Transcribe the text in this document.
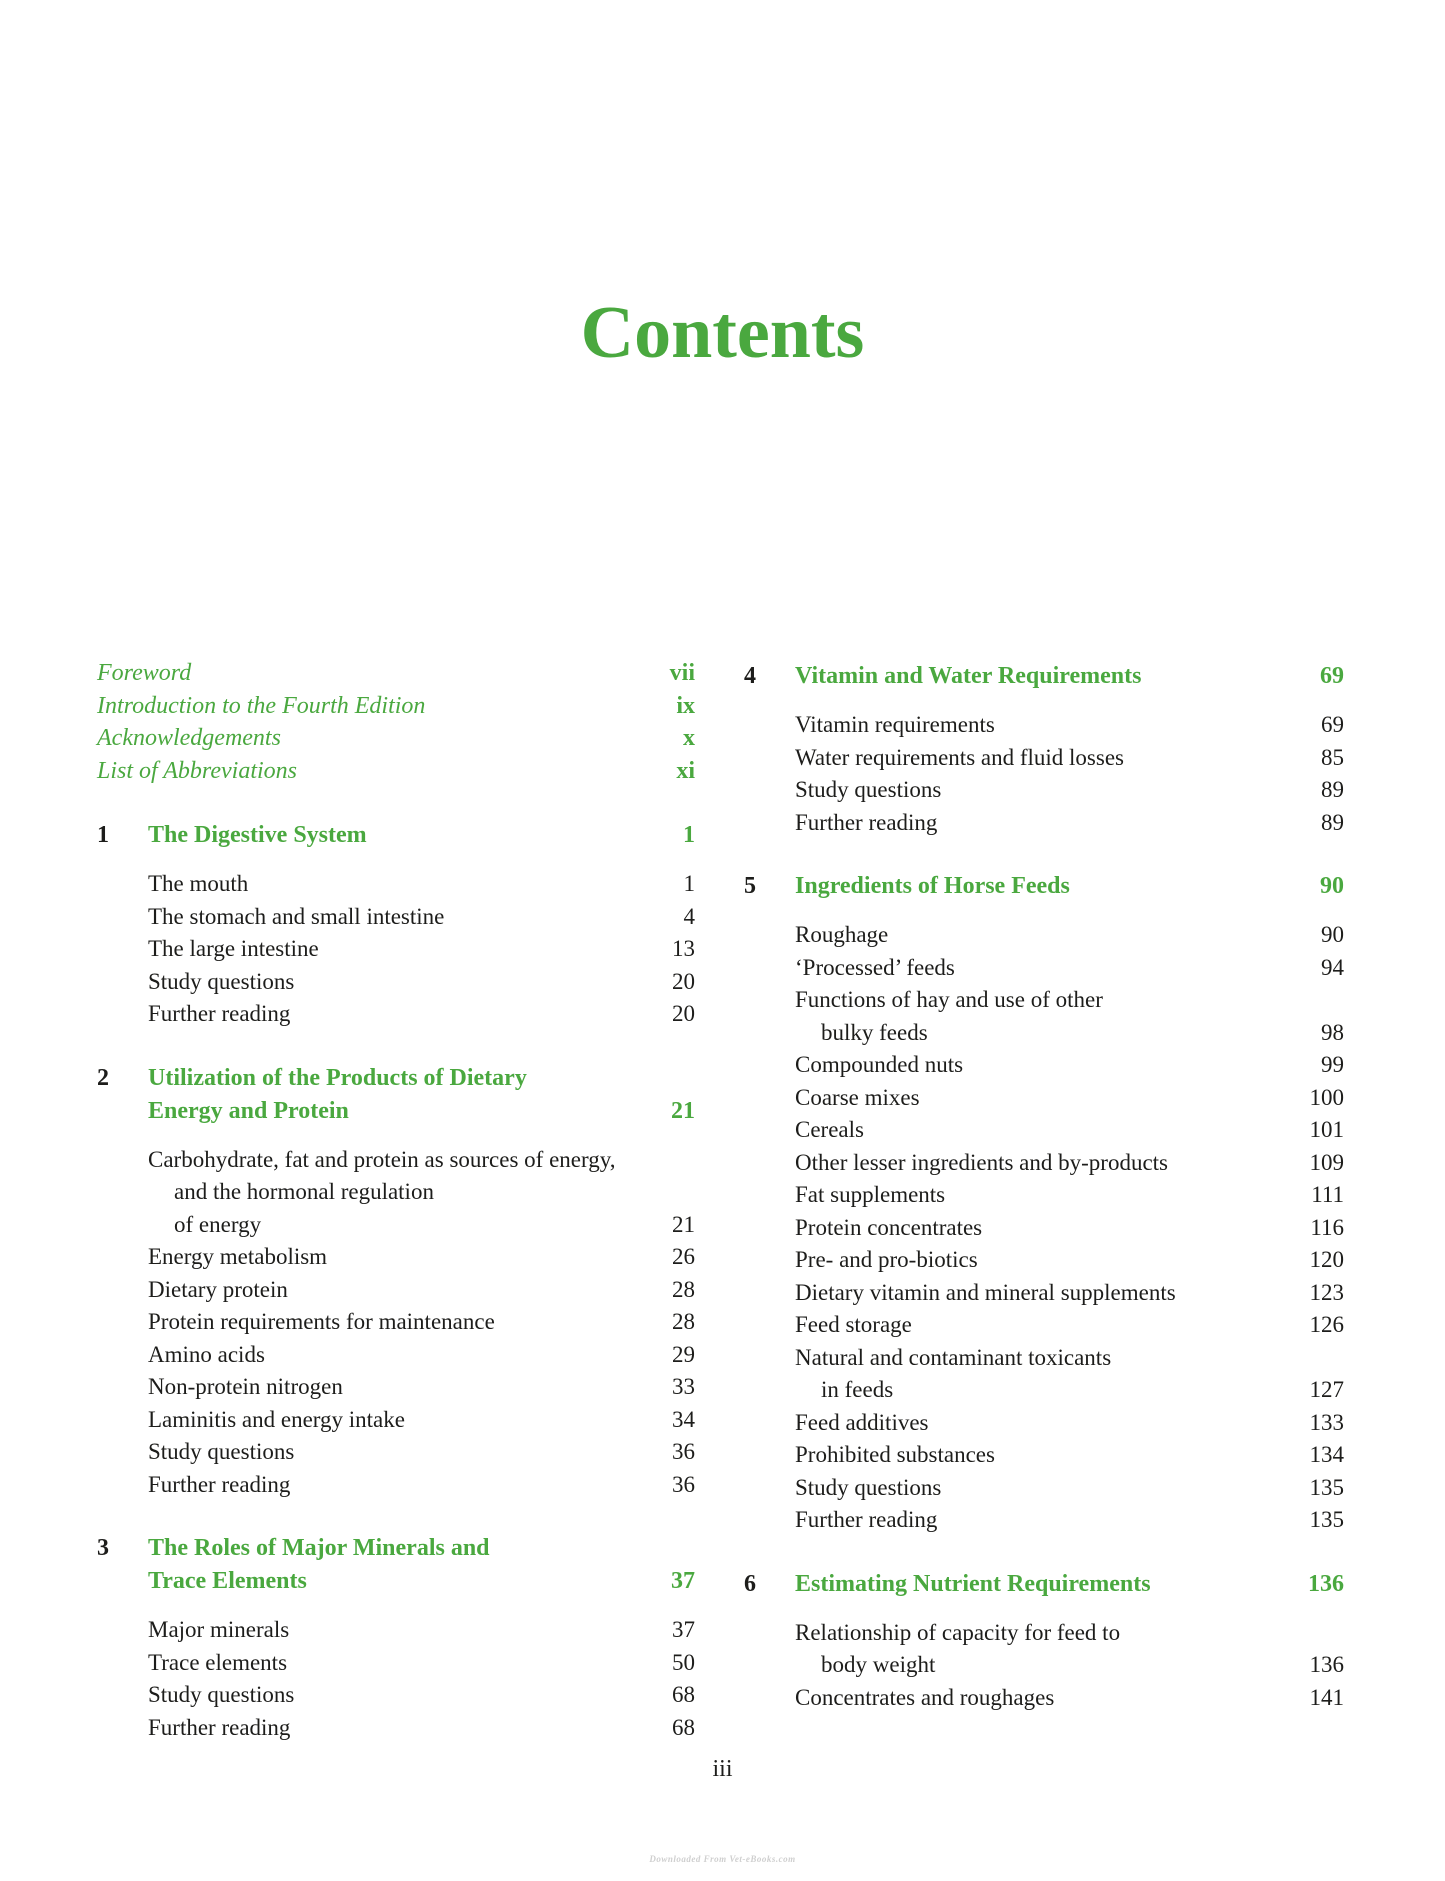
Contents
Foreword	vii
Introduction to the Fourth Edition	ix
Acknowledgements	x
List of Abbreviations	xi
1	The Digestive System	1
The mouth	1
The stomach and small intestine	4
The large intestine	13
Study questions	20
Further reading	20
2	Utilization of the Products of Dietary
Energy and Protein	21
Carbohydrate, fat and protein as sources of energy,
and the hormonal regulation
of energy	21
Energy metabolism	26
Dietary protein	28
Protein requirements for maintenance	28
Amino acids	29
Non-protein nitrogen	33
Laminitis and energy intake	34
Study questions	36
Further reading	36
3	The Roles of Major Minerals and
Trace Elements	37
Major minerals	37
Trace elements	50
Study questions	68
Further reading	68
4	Vitamin and Water Requirements	69
Vitamin requirements	69
Water requirements and fluid losses	85
Study questions	89
Further reading	89
5	Ingredients of Horse Feeds	90
Roughage	90
‘Processed’ feeds	94
Functions of hay and use of other
bulky feeds	98
Compounded nuts	99
Coarse mixes	100
Cereals	101
Other lesser ingredients and by-products	109
Fat supplements	111
Protein concentrates	116
Pre- and pro-biotics	120
Dietary vitamin and mineral supplements	123
Feed storage	126
Natural and contaminant toxicants
in feeds	127
Feed additives	133
Prohibited substances	134
Study questions	135
Further reading	135
6	Estimating Nutrient Requirements	136
Relationship of capacity for feed to
body weight	136
Concentrates and roughages	141
iii
Downloaded From Vet-eBooks.com
